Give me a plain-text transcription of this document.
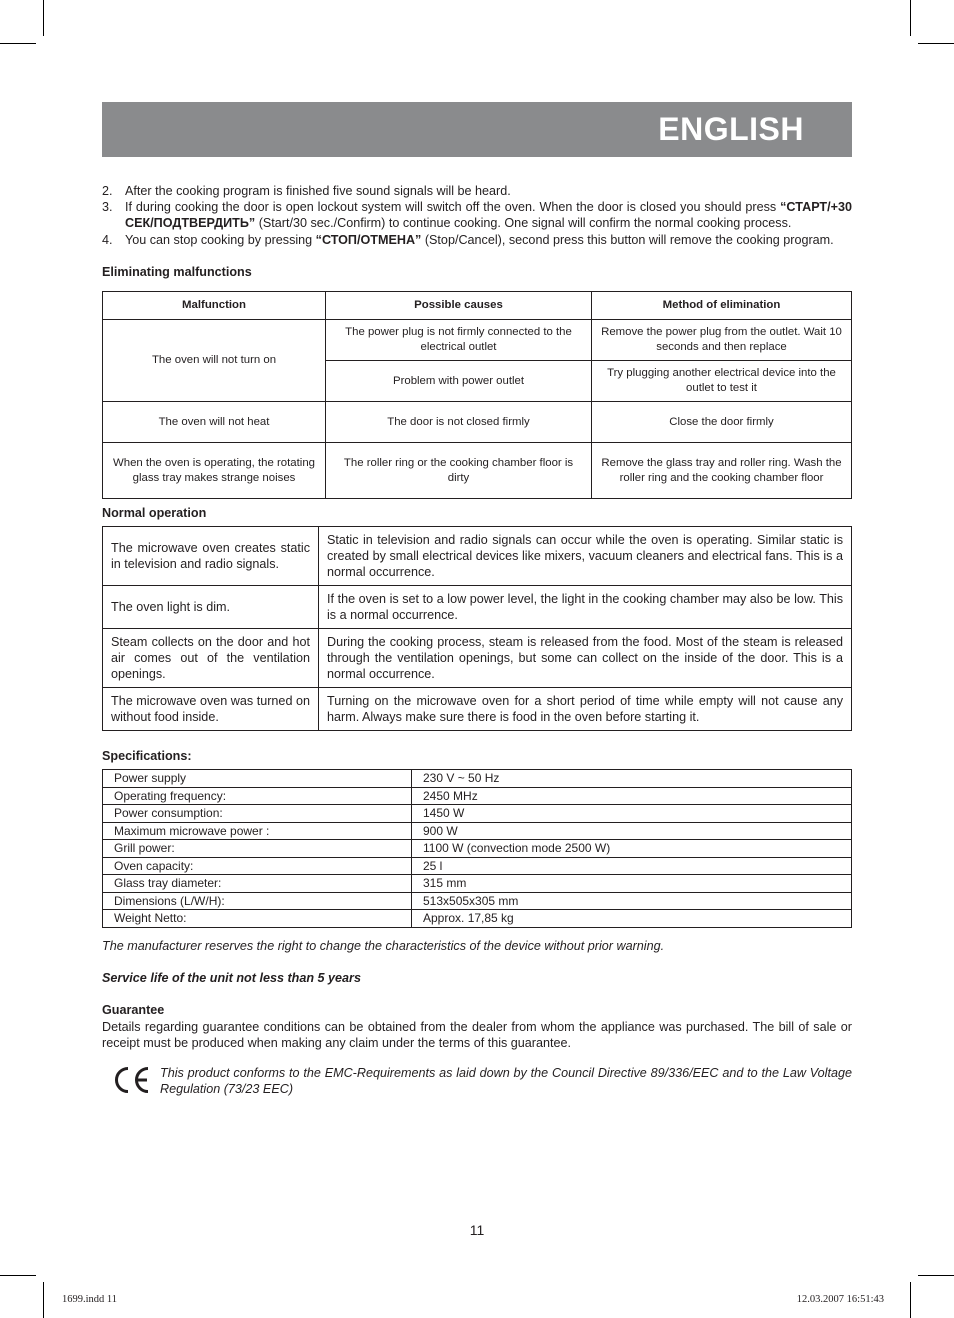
ENGLISH
2. After the cooking program is finished five sound signals will be heard.
3. If during cooking the door is open lockout system will switch off the oven. When the door is closed you should press “СТАРТ/+30 СЕК/ПОДТВЕРДИТЬ” (Start/30 sec./Confirm) to continue cooking. One signal will confirm the normal cooking process.
4. You can stop cooking by pressing “СТОП/ОТМЕНА” (Stop/Cancel), second press this button will remove the cooking program.
Eliminating malfunctions
Malfunction	Possible causes	Method of elimination
The oven will not turn on	The power plug is not firmly connected to the electrical outlet	Remove the power plug from the outlet. Wait 10 seconds and then replace
	Problem with power outlet	Try plugging another electrical device into the outlet to test it
The oven will not heat	The door is not closed firmly	Close the door firmly
When the oven is operating, the rotating glass tray makes strange noises	The roller ring or the cooking chamber floor is dirty	Remove the glass tray and roller ring. Wash the roller ring and the cooking chamber floor
Normal operation
The microwave oven creates static in television and radio signals.	Static in television and radio signals can occur while the oven is operating. Similar static is created by small electrical devices like mixers, vacuum cleaners and electrical fans. This is a normal occurrence.
The oven light is dim.	If the oven is set to a low power level, the light in the cooking chamber may also be low. This is a normal occurrence.
Steam collects on the door and hot air comes out of the ventilation openings.	During the cooking process, steam is released from the food. Most of the steam is released through the ventilation openings, but some can collect on the inside of the door. This is a normal occurrence.
The microwave oven was turned on without food inside.	Turning on the microwave oven for a short period of time while empty will not cause any harm. Always make sure there is food in the oven before starting it.
Specifications:
Power supply	230 V ~ 50 Hz
Operating frequency:	2450 MHz
Power consumption:	1450 W
Maximum microwave power :	900 W
Grill power:	1100 W (convection mode 2500 W)
Oven capacity:	25 l
Glass tray diameter:	315 mm
Dimensions (L/W/H):	513x505x305 mm
Weight Netto:	Approx. 17,85 kg
The manufacturer reserves the right to change the characteristics of the device without prior warning.
Service life of the unit not less than 5 years
Guarantee
Details regarding guarantee conditions can be obtained from the dealer from whom the appliance was purchased. The bill of sale or receipt must be produced when making any claim under the terms of this guarantee.
This product conforms to the EMC-Requirements as laid down by the Council Directive 89/336/EEC and to the Law Voltage Regulation (73/23 EEC)
11
1699.indd 11	12.03.2007 16:51:43
